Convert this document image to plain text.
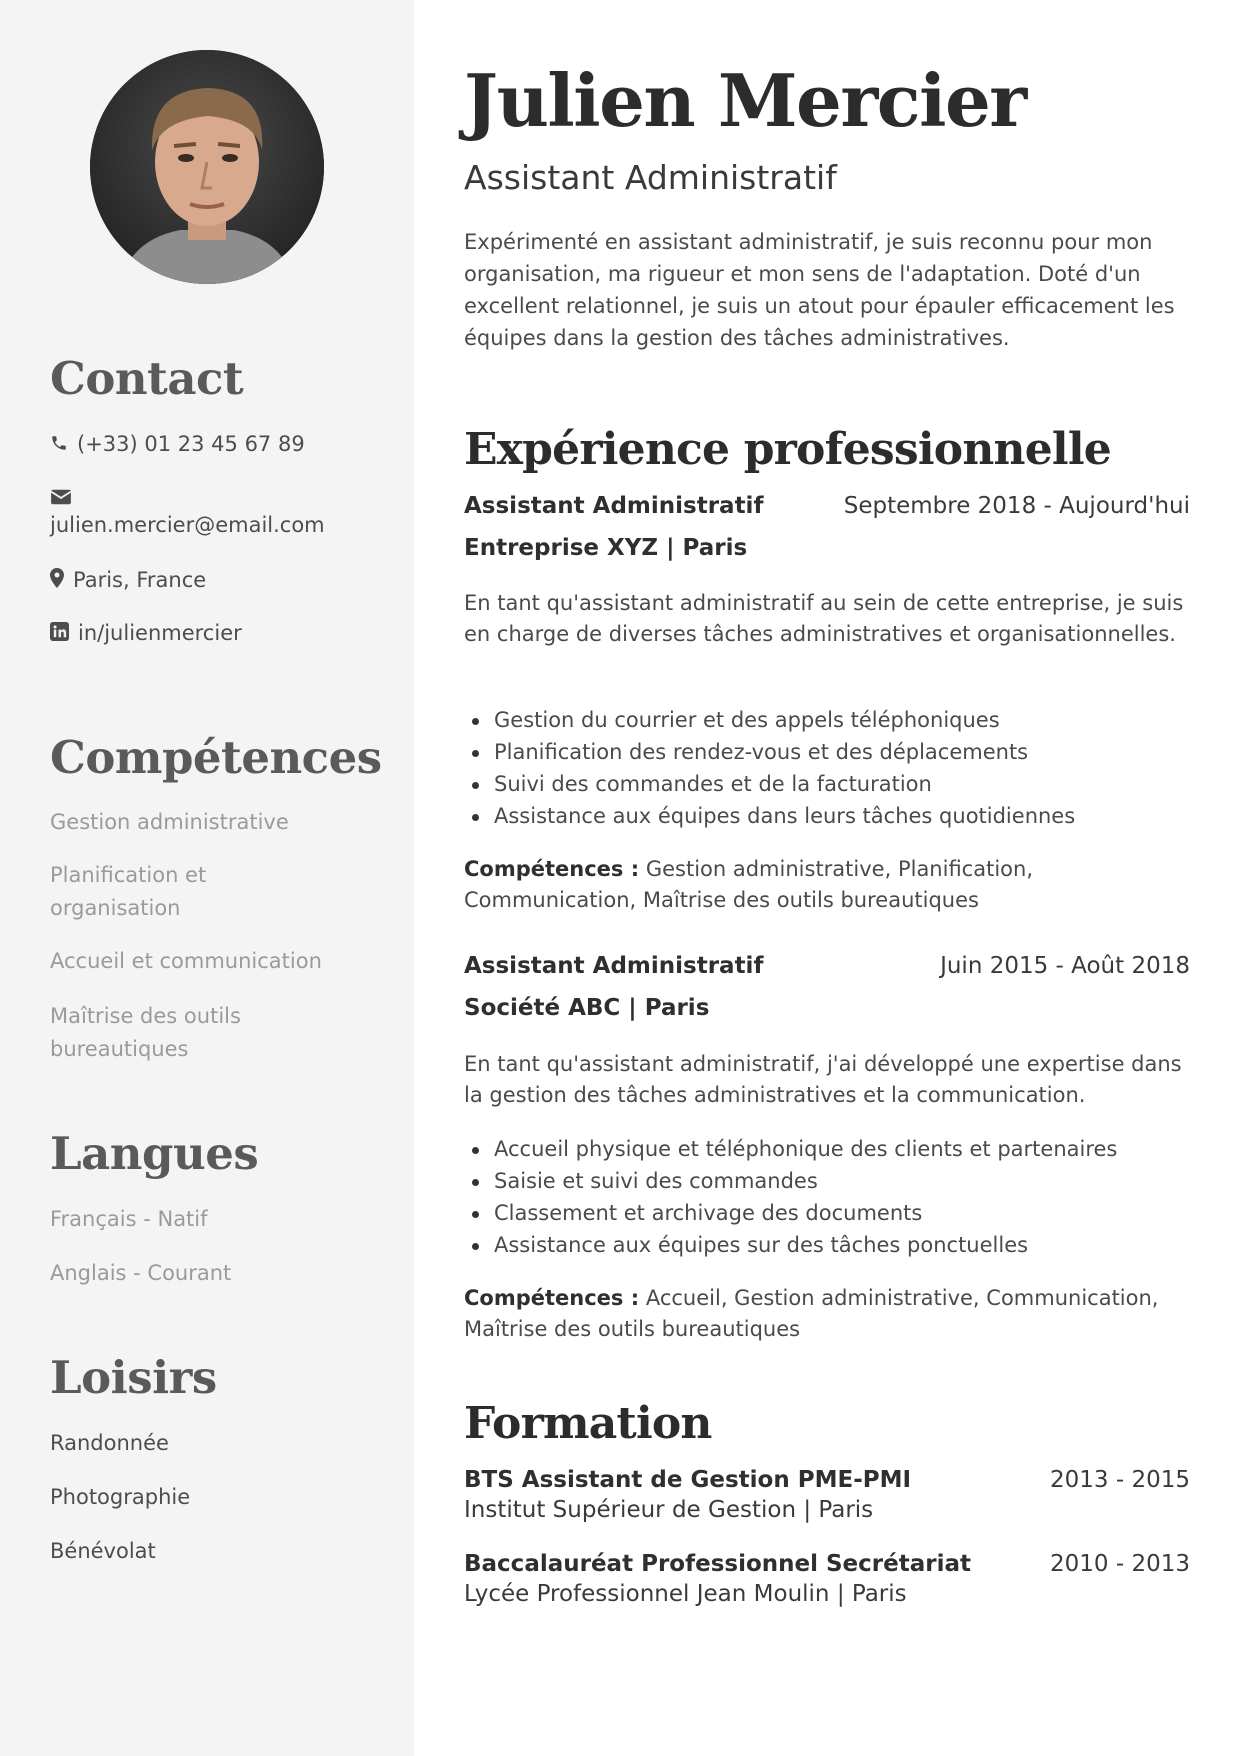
Contact
(+33) 01 23 45 67 89
julien.mercier@email.com
Paris, France
in/julienmercier
Compétences
Gestion administrative
Planification et organisation
Accueil et communication
Maîtrise des outils bureautiques
Langues
Français - Natif
Anglais - Courant
Loisirs
Randonnée
Photographie
Bénévolat
Julien Mercier
Assistant Administratif
Expérimenté en assistant administratif, je suis reconnu pour mon organisation, ma rigueur et mon sens de l'adaptation. Doté d'un excellent relationnel, je suis un atout pour épauler efficacement les équipes dans la gestion des tâches administratives.
Expérience professionnelle
Assistant Administratif	Septembre 2018 - Aujourd'hui
Entreprise XYZ | Paris
En tant qu'assistant administratif au sein de cette entreprise, je suis en charge de diverses tâches administratives et organisationnelles.
Gestion du courrier et des appels téléphoniques
Planification des rendez-vous et des déplacements
Suivi des commandes et de la facturation
Assistance aux équipes dans leurs tâches quotidiennes
Compétences : Gestion administrative, Planification, Communication, Maîtrise des outils bureautiques
Assistant Administratif	Juin 2015 - Août 2018
Société ABC | Paris
En tant qu'assistant administratif, j'ai développé une expertise dans la gestion des tâches administratives et la communication.
Accueil physique et téléphonique des clients et partenaires
Saisie et suivi des commandes
Classement et archivage des documents
Assistance aux équipes sur des tâches ponctuelles
Compétences : Accueil, Gestion administrative, Communication, Maîtrise des outils bureautiques
Formation
BTS Assistant de Gestion PME-PMI	2013 - 2015
Institut Supérieur de Gestion | Paris
Baccalauréat Professionnel Secrétariat	2010 - 2013
Lycée Professionnel Jean Moulin | Paris
